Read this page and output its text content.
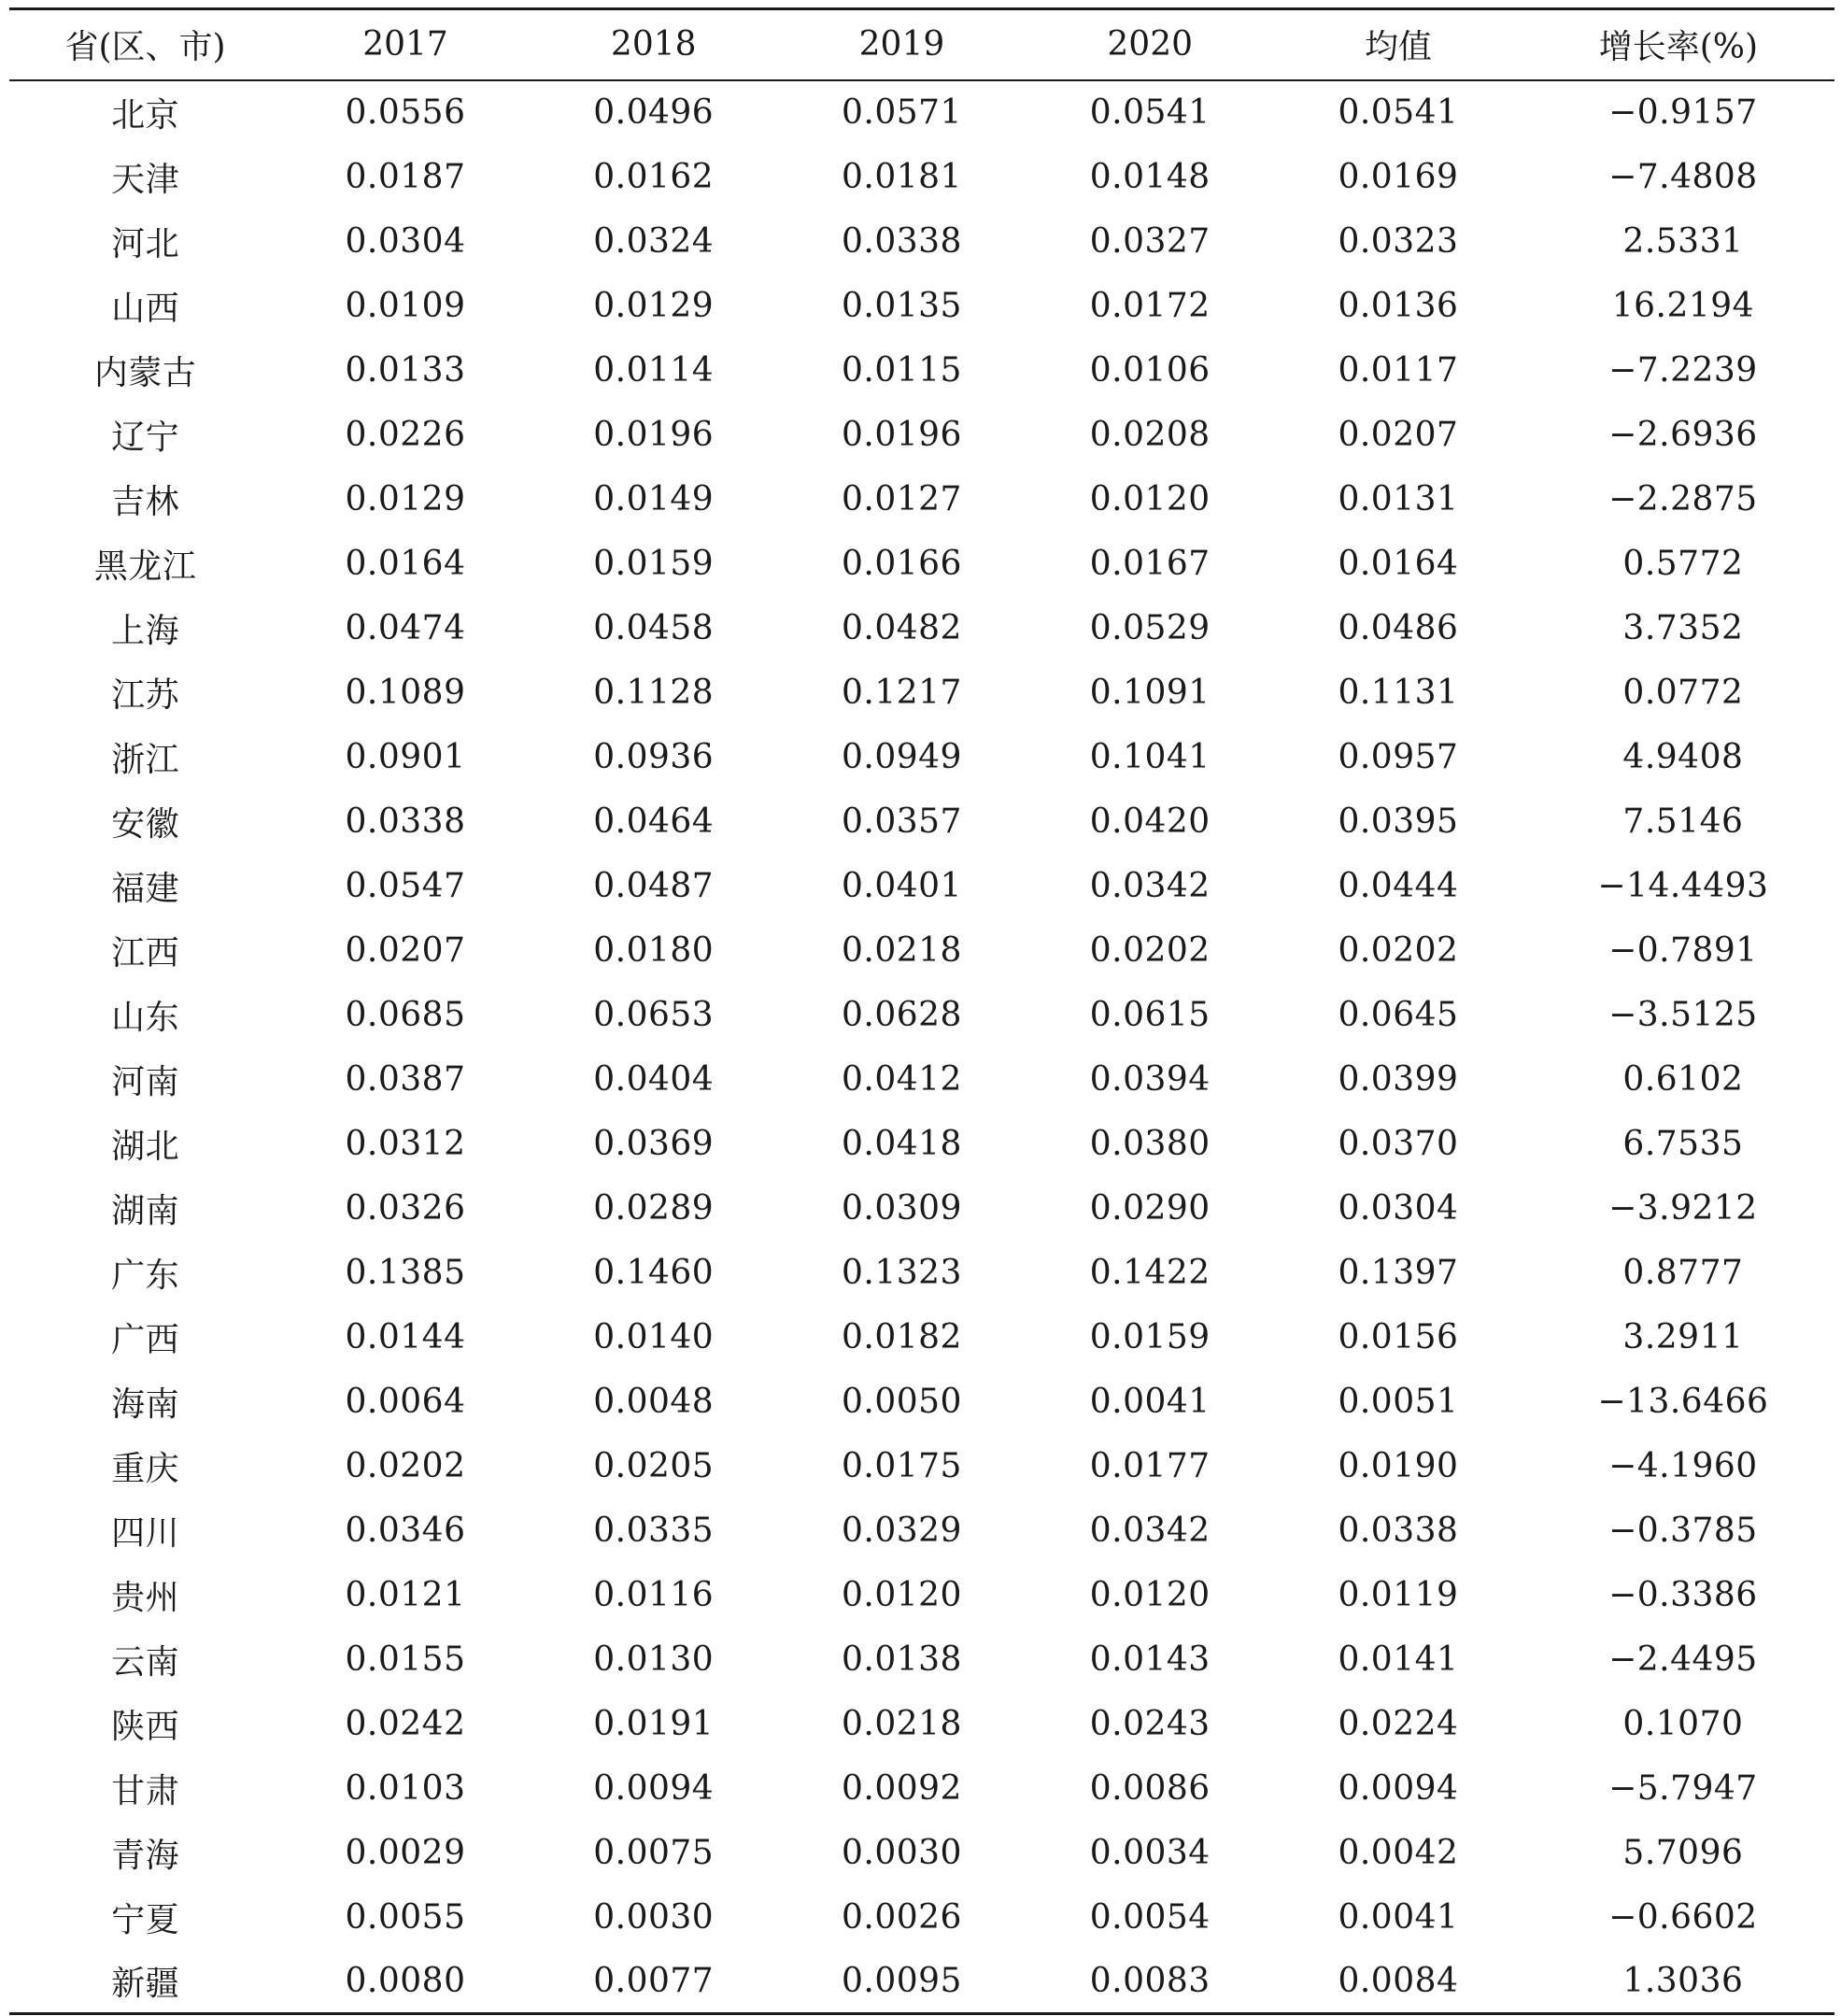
省(区、市)	2017	2018	2019	2020	均值	增长率(%)
北京	0.0556	0.0496	0.0571	0.0541	0.0541	−0.9157
天津	0.0187	0.0162	0.0181	0.0148	0.0169	−7.4808
河北	0.0304	0.0324	0.0338	0.0327	0.0323	2.5331
山西	0.0109	0.0129	0.0135	0.0172	0.0136	16.2194
内蒙古	0.0133	0.0114	0.0115	0.0106	0.0117	−7.2239
辽宁	0.0226	0.0196	0.0196	0.0208	0.0207	−2.6936
吉林	0.0129	0.0149	0.0127	0.0120	0.0131	−2.2875
黑龙江	0.0164	0.0159	0.0166	0.0167	0.0164	0.5772
上海	0.0474	0.0458	0.0482	0.0529	0.0486	3.7352
江苏	0.1089	0.1128	0.1217	0.1091	0.1131	0.0772
浙江	0.0901	0.0936	0.0949	0.1041	0.0957	4.9408
安徽	0.0338	0.0464	0.0357	0.0420	0.0395	7.5146
福建	0.0547	0.0487	0.0401	0.0342	0.0444	−14.4493
江西	0.0207	0.0180	0.0218	0.0202	0.0202	−0.7891
山东	0.0685	0.0653	0.0628	0.0615	0.0645	−3.5125
河南	0.0387	0.0404	0.0412	0.0394	0.0399	0.6102
湖北	0.0312	0.0369	0.0418	0.0380	0.0370	6.7535
湖南	0.0326	0.0289	0.0309	0.0290	0.0304	−3.9212
广东	0.1385	0.1460	0.1323	0.1422	0.1397	0.8777
广西	0.0144	0.0140	0.0182	0.0159	0.0156	3.2911
海南	0.0064	0.0048	0.0050	0.0041	0.0051	−13.6466
重庆	0.0202	0.0205	0.0175	0.0177	0.0190	−4.1960
四川	0.0346	0.0335	0.0329	0.0342	0.0338	−0.3785
贵州	0.0121	0.0116	0.0120	0.0120	0.0119	−0.3386
云南	0.0155	0.0130	0.0138	0.0143	0.0141	−2.4495
陕西	0.0242	0.0191	0.0218	0.0243	0.0224	0.1070
甘肃	0.0103	0.0094	0.0092	0.0086	0.0094	−5.7947
青海	0.0029	0.0075	0.0030	0.0034	0.0042	5.7096
宁夏	0.0055	0.0030	0.0026	0.0054	0.0041	−0.6602
新疆	0.0080	0.0077	0.0095	0.0083	0.0084	1.3036
